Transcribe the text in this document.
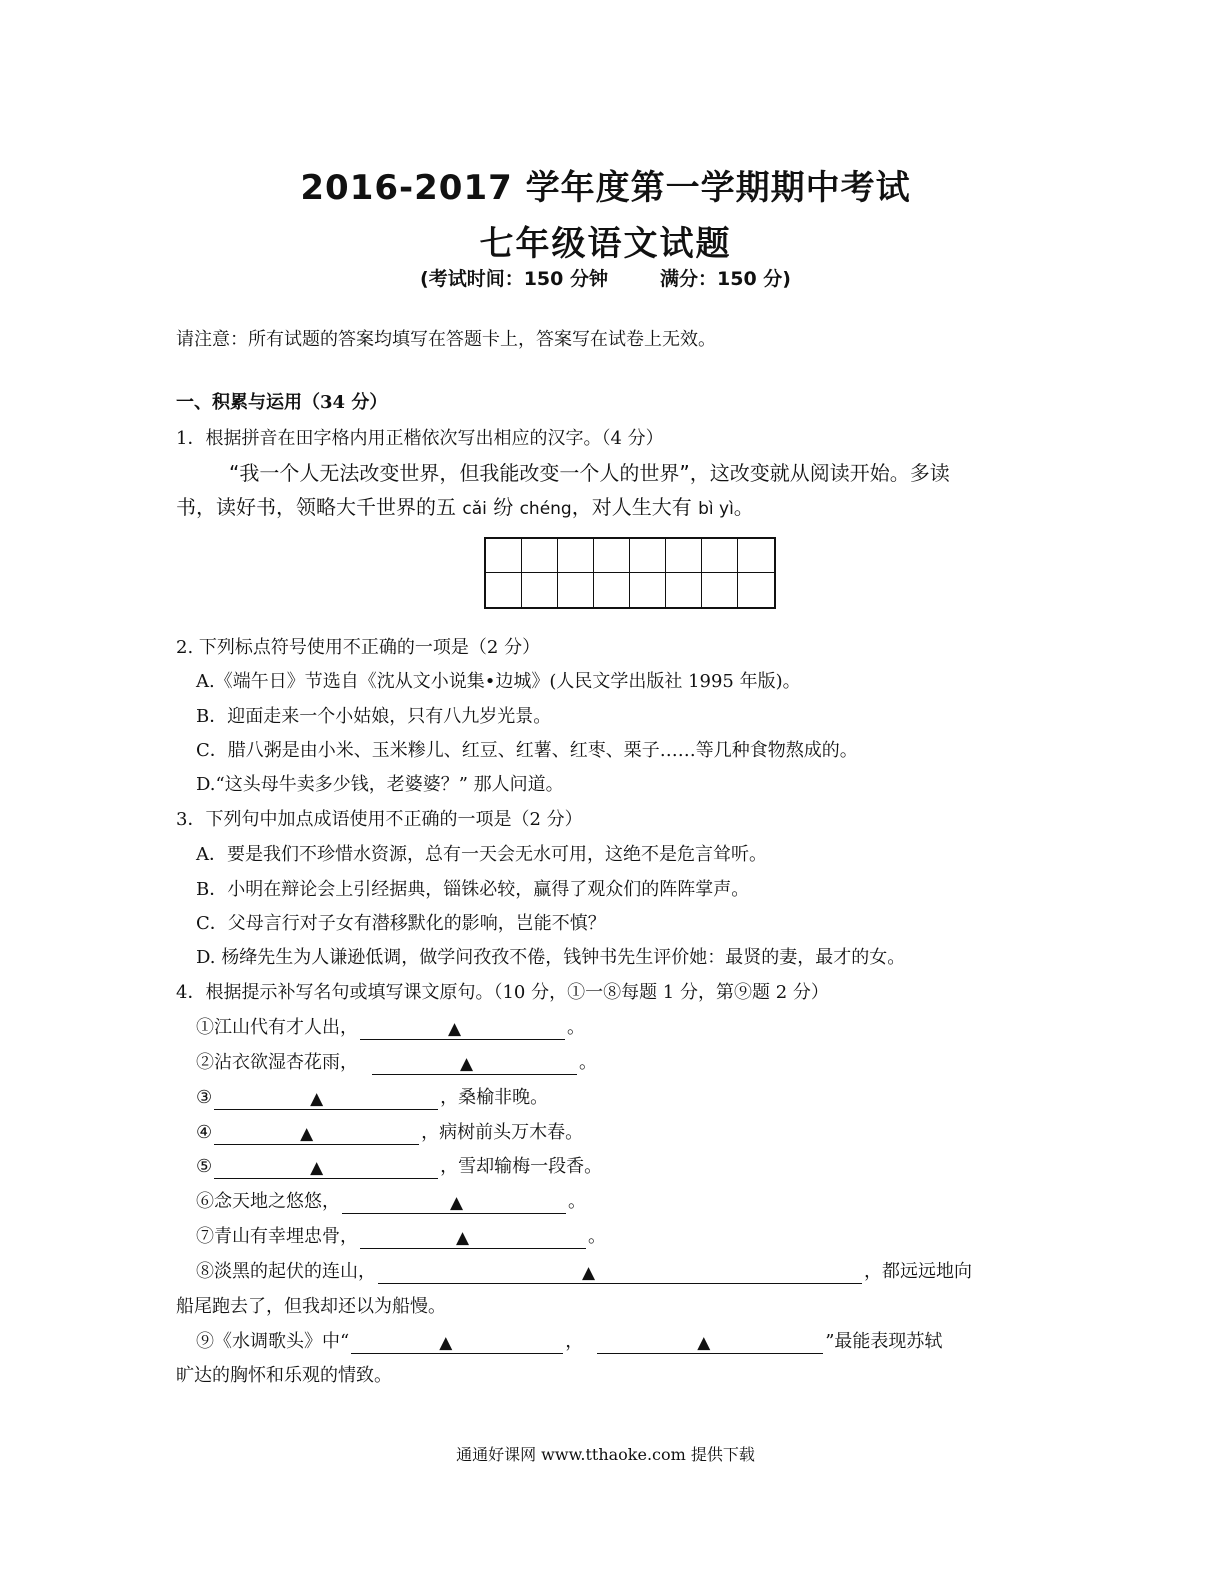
2016-2017 学年度第一学期期中考试
七年级语文试题
(考试时间：150 分钟	满分：150 分)
请注意：所有试题的答案均填写在答题卡上，答案写在试卷上无效。
一、积累与运用（34 分）
1．根据拼音在田字格内用正楷依次写出相应的汉字。（4 分）
“我一个人无法改变世界，但我能改变一个人的世界”，这改变就从阅读开始。多读
书，读好书，领略大千世界的五 cǎi 纷 chéng，对人生大有 bì yì。
2. 下列标点符号使用不正确的一项是（2 分）
A.《端午日》节选自《沈从文小说集•边城》(人民文学出版社 1995 年版)。
B．迎面走来一个小姑娘，只有八九岁光景。
C．腊八粥是由小米、玉米糁儿、红豆、红薯、红枣、栗子……等几种食物熬成的。
D.“这头母牛卖多少钱，老婆婆？” 那人问道。
3．下列句中加点成语使用不正确的一项是（2 分）
A．要是我们不珍惜水资源，总有一天会无水可用，这绝不是危言耸听。
B．小明在辩论会上引经据典，锱铢必较，赢得了观众们的阵阵掌声。
C．父母言行对子女有潜移默化的影响，岂能不慎？
D. 杨绛先生为人谦逊低调，做学问孜孜不倦，钱钟书先生评价她：最贤的妻，最才的女。
4．根据提示补写名句或填写课文原句。（10 分，①一⑧每题 1 分，第⑨题 2 分）
①江山代有才人出，	▲	。
②沾衣欲湿杏花雨，	▲	。
③	▲	，桑榆非晚。
④	▲	，病树前头万木春。
⑤	▲	，雪却输梅一段香。
⑥念天地之悠悠，	▲	。
⑦青山有幸埋忠骨，	▲	。
⑧淡黑的起伏的连山，	▲	，都远远地向
船尾跑去了，但我却还以为船慢。
⑨《水调歌头》中“	▲	，	▲	”最能表现苏轼
旷达的胸怀和乐观的情致。
通通好课网 www.tthaoke.com 提供下载
